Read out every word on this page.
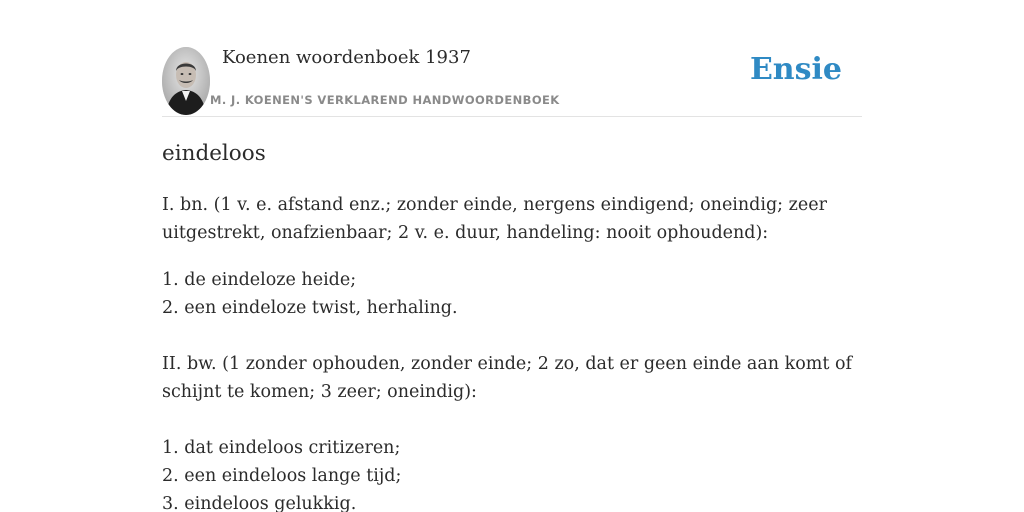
Koenen woordenboek 1937
M. J. KOENEN'S VERKLAREND HANDWOORDENBOEK
Ensie
eindeloos

I. bn. (1 v. e. afstand enz.; zonder einde, nergens eindigend; oneindig; zeer uitgestrekt, onafzienbaar; 2 v. e. duur, handeling: nooit ophoudend):

1. de eindeloze heide;
2. een eindeloze twist, herhaling.

II. bw. (1 zonder ophouden, zonder einde; 2 zo, dat er geen einde aan komt of schijnt te komen; 3 zeer; oneindig):

1. dat eindeloos critizeren;
2. een eindeloos lange tijd;
3. eindeloos gelukkig.
